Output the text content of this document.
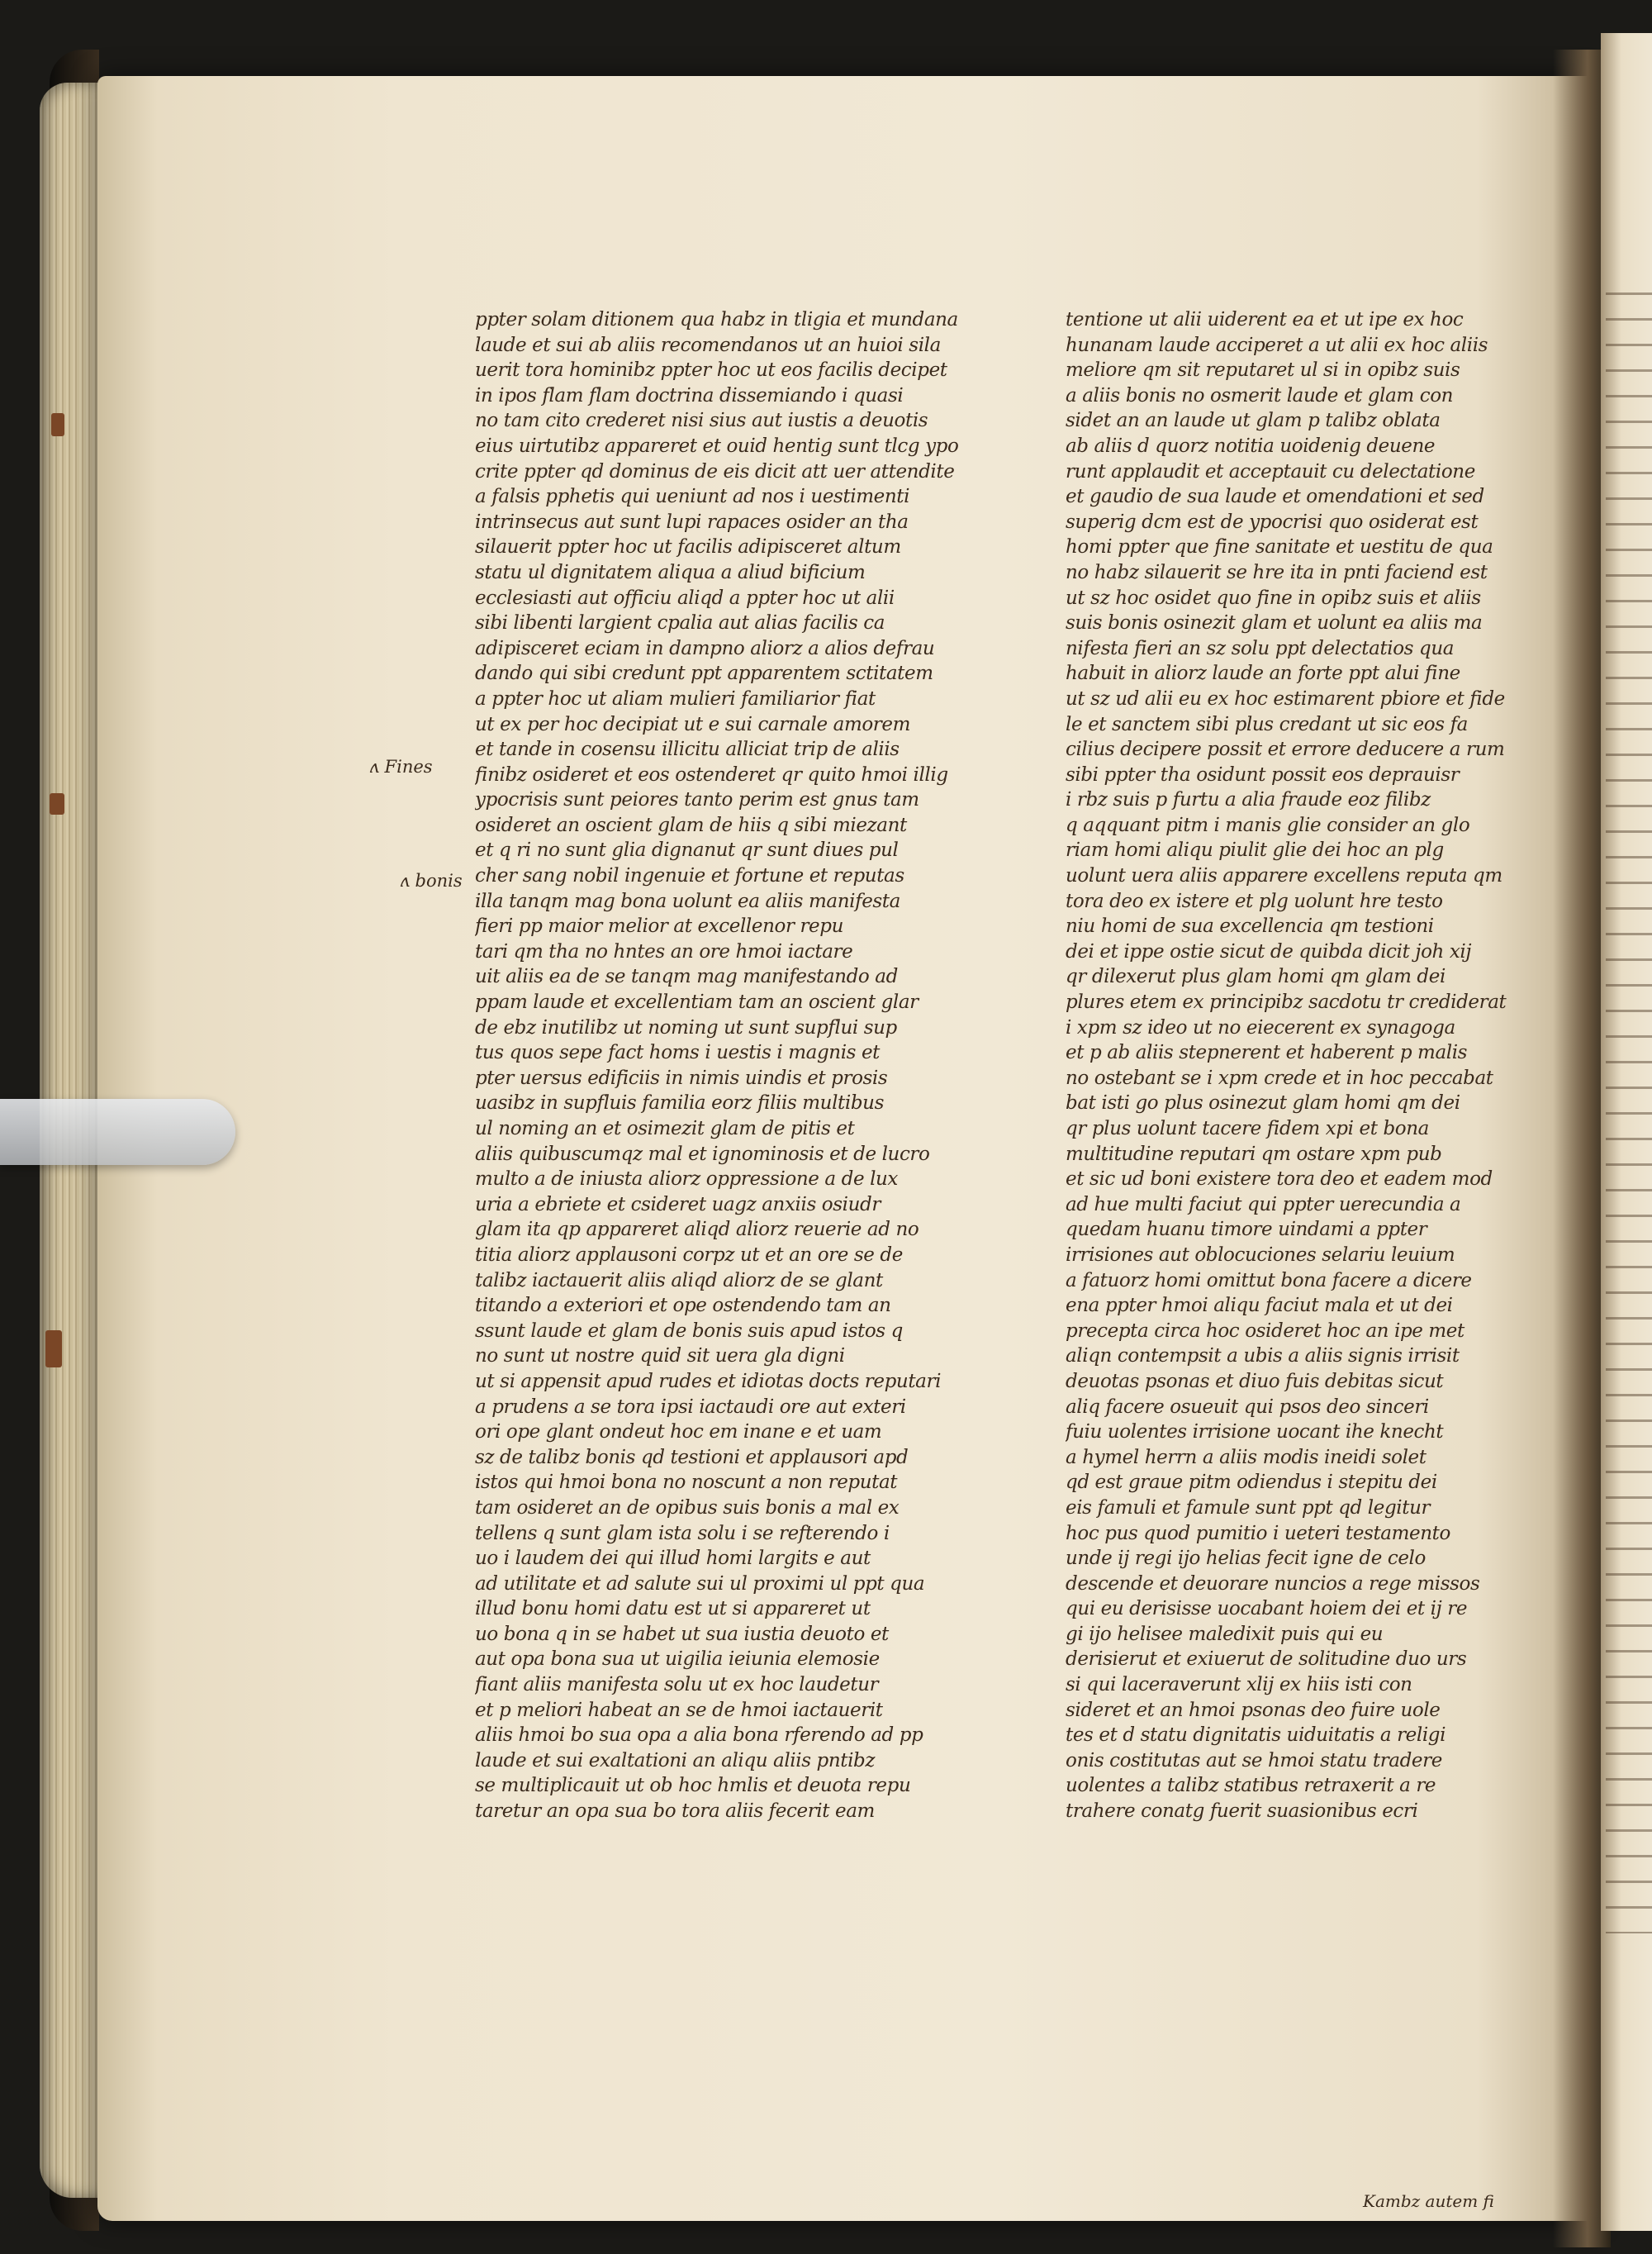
ppter solam ditionem qua habz in tligia et mundana
laude et sui ab aliis recomendanos ut an huioi sila
uerit tora hominibz ppter hoc ut eos facilis decipet
in ipos flam flam doctrina dissemiando i quasi
no tam cito crederet nisi sius aut iustis a deuotis
eius uirtutibz appareret et ouid hentig sunt tlcg ypo
crite ppter qd dominus de eis dicit att uer attendite
a falsis pphetis qui ueniunt ad nos i uestimenti
intrinsecus aut sunt lupi rapaces osider an tha
silauerit ppter hoc ut facilis adipisceret altum
statu ul dignitatem aliqua a aliud bificium
ecclesiasti aut officiu aliqd a ppter hoc ut alii
sibi libenti largient cpalia aut alias facilis ca
adipisceret eciam in dampno aliorz a alios defrau
dando qui sibi credunt ppt apparentem sctitatem
a ppter hoc ut aliam mulieri familiarior fiat
ut ex per hoc decipiat ut e sui carnale amorem
et tande in cosensu illicitu alliciat trip de aliis
finibz osideret et eos ostenderet qr quito hmoi illig
ypocrisis sunt peiores tanto perim est gnus tam
osideret an oscient glam de hiis q sibi miezant
et q ri no sunt glia dignanut qr sunt diues pul
cher sang nobil ingenuie et fortune et reputas
illa tanqm mag bona uolunt ea aliis manifesta
fieri pp maior melior at excellenor repu
tari qm tha no hntes an ore hmoi iactare
uit aliis ea de se tanqm mag manifestando ad
ppam laude et excellentiam tam an oscient glar
de ebz inutilibz ut noming ut sunt supflui sup
tus quos sepe fact homs i uestis i magnis et
pter uersus edificiis in nimis uindis et prosis
uasibz in supfluis familia eorz filiis multibus
ul noming an et osimezit glam de pitis et
aliis quibuscumqz mal et ignominosis et de lucro
multo a de iniusta aliorz oppressione a de lux
uria a ebriete et csideret uagz anxiis osiudr
glam ita qp appareret aliqd aliorz reuerie ad no
titia aliorz applausoni corpz ut et an ore se de
talibz iactauerit aliis aliqd aliorz de se glant
titando a exteriori et ope ostendendo tam an
ssunt laude et glam de bonis suis apud istos q
no sunt ut nostre quid sit uera gla digni
ut si appensit apud rudes et idiotas docts reputari
a prudens a se tora ipsi iactaudi ore aut exteri
ori ope glant ondeut hoc em inane e et uam
sz de talibz bonis qd testioni et applausori apd
istos qui hmoi bona no noscunt a non reputat
tam osideret an de opibus suis bonis a mal ex
tellens q sunt glam ista solu i se refterendo i
uo i laudem dei qui illud homi largits e aut
ad utilitate et ad salute sui ul proximi ul ppt qua
illud bonu homi datu est ut si appareret ut
uo bona q in se habet ut sua iustia deuoto et
aut opa bona sua ut uigilia ieiunia elemosie
fiant aliis manifesta solu ut ex hoc laudetur
et p meliori habeat an se de hmoi iactauerit
aliis hmoi bo sua opa a alia bona rferendo ad pp
laude et sui exaltationi an aliqu aliis pntibz
se multiplicauit ut ob hoc hmlis et deuota repu
taretur an opa sua bo tora aliis fecerit eam
tentione ut alii uiderent ea et ut ipe ex hoc
hunanam laude acciperet a ut alii ex hoc aliis
meliore qm sit reputaret ul si in opibz suis
a aliis bonis no osmerit laude et glam con
sidet an an laude ut glam p talibz oblata
ab aliis d quorz notitia uoidenig deuene
runt applaudit et acceptauit cu delectatione
et gaudio de sua laude et omendationi et sed
superig dcm est de ypocrisi quo osiderat est
homi ppter que fine sanitate et uestitu de qua
no habz silauerit se hre ita in pnti faciend est
ut sz hoc osidet quo fine in opibz suis et aliis
suis bonis osinezit glam et uolunt ea aliis ma
nifesta fieri an sz solu ppt delectatios qua
habuit in aliorz laude an forte ppt alui fine
ut sz ud alii eu ex hoc estimarent pbiore et fide
le et sanctem sibi plus credant ut sic eos fa
cilius decipere possit et errore deducere a rum
sibi ppter tha osidunt possit eos deprauisr
i rbz suis p furtu a alia fraude eoz filibz
q aqquant pitm i manis glie consider an glo
riam homi aliqu piulit glie dei hoc an plg
uolunt uera aliis apparere excellens reputa qm
tora deo ex istere et plg uolunt hre testo
niu homi de sua excellencia qm testioni
dei et ippe ostie sicut de quibda dicit joh xij
qr dilexerut plus glam homi qm glam dei
plures etem ex principibz sacdotu tr crediderat
i xpm sz ideo ut no eiecerent ex synagoga
et p ab aliis stepnerent et haberent p malis
no ostebant se i xpm crede et in hoc peccabat
bat isti go plus osinezut glam homi qm dei
qr plus uolunt tacere fidem xpi et bona
multitudine reputari qm ostare xpm pub
et sic ud boni existere tora deo et eadem mod
ad hue multi faciut qui ppter uerecundia a
quedam huanu timore uindami a ppter
irrisiones aut oblocuciones selariu leuium
a fatuorz homi omittut bona facere a dicere
ena ppter hmoi aliqu faciut mala et ut dei
precepta circa hoc osideret hoc an ipe met
aliqn contempsit a ubis a aliis signis irrisit
deuotas psonas et diuo fuis debitas sicut
aliq facere osueuit qui psos deo sinceri
fuiu uolentes irrisione uocant ihe knecht
a hymel herrn a aliis modis ineidi solet
qd est graue pitm odiendus i stepitu dei
eis famuli et famule sunt ppt qd legitur
hoc pus quod pumitio i ueteri testamento
unde ij regi ijo helias fecit igne de celo
descende et deuorare nuncios a rege missos
qui eu derisisse uocabant hoiem dei et ij re
gi ijo helisee maledixit puis qui eu
derisierut et exiuerut de solitudine duo urs
si qui laceraverunt xlij ex hiis isti con
sideret et an hmoi psonas deo fuire uole
tes et d statu dignitatis uiduitatis a religi
onis costitutas aut se hmoi statu tradere
uolentes a talibz statibus retraxerit a re
trahere conatg fuerit suasionibus ecri
ʌ Fines
ʌ bonis
Kambz autem fi
